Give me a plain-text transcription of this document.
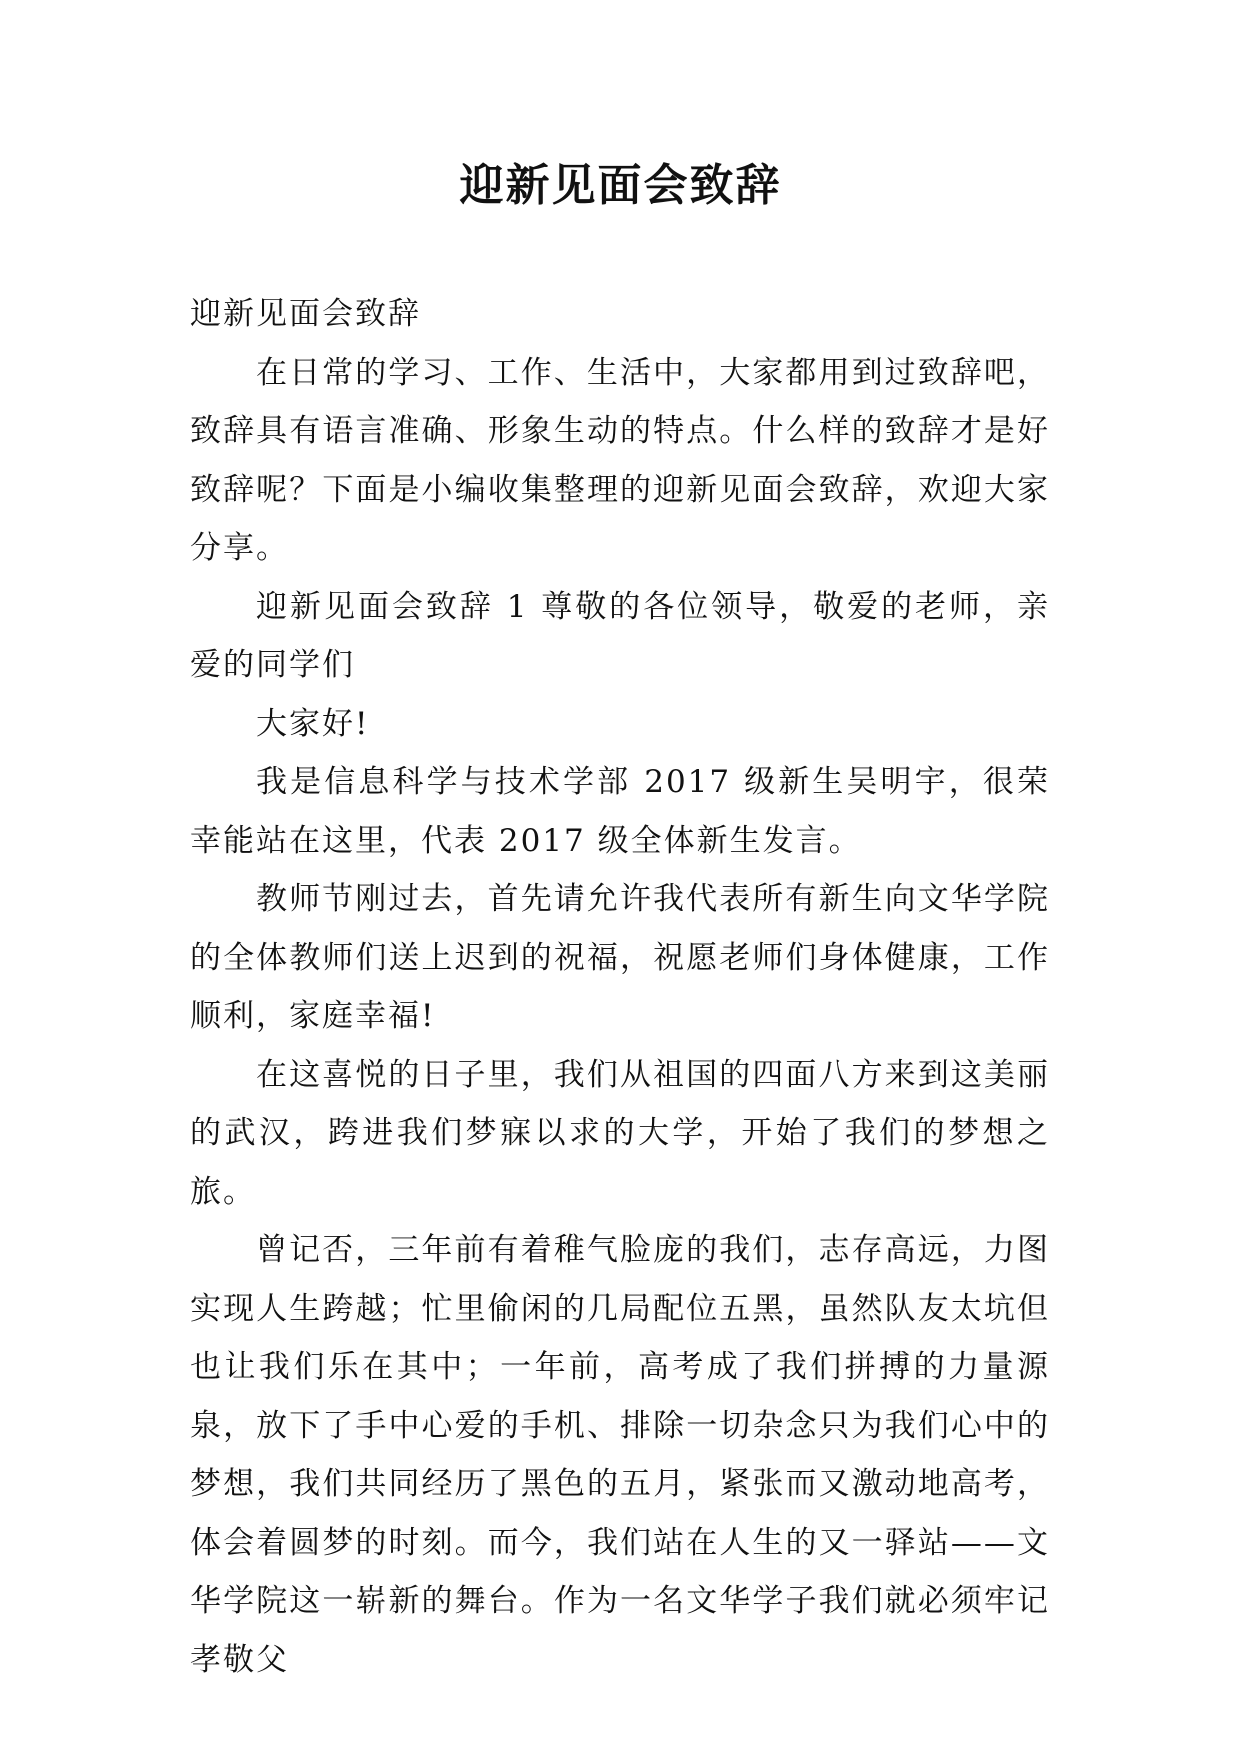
迎新见面会致辞

迎新见面会致辞

在日常的学习、工作、生活中，大家都用到过致辞吧，致辞具有语言准确、形象生动的特点。什么样的致辞才是好致辞呢？下面是小编收集整理的迎新见面会致辞，欢迎大家分享。

迎新见面会致辞 1 尊敬的各位领导，敬爱的老师，亲爱的同学们

大家好!

我是信息科学与技术学部 2017 级新生吴明宇，很荣幸能站在这里，代表 2017 级全体新生发言。

教师节刚过去，首先请允许我代表所有新生向文华学院的全体教师们送上迟到的祝福，祝愿老师们身体健康，工作顺利，家庭幸福!

在这喜悦的日子里，我们从祖国的四面八方来到这美丽的武汉，跨进我们梦寐以求的大学，开始了我们的梦想之旅。

曾记否，三年前有着稚气脸庞的我们，志存高远，力图实现人生跨越；忙里偷闲的几局配位五黑，虽然队友太坑但也让我们乐在其中；一年前，高考成了我们拼搏的力量源泉，放下了手中心爱的手机、排除一切杂念只为我们心中的梦想，我们共同经历了黑色的五月，紧张而又激动地高考，体会着圆梦的时刻。而今，我们站在人生的又一驿站——文华学院这一崭新的舞台。作为一名文华学子我们就必须牢记孝敬父
